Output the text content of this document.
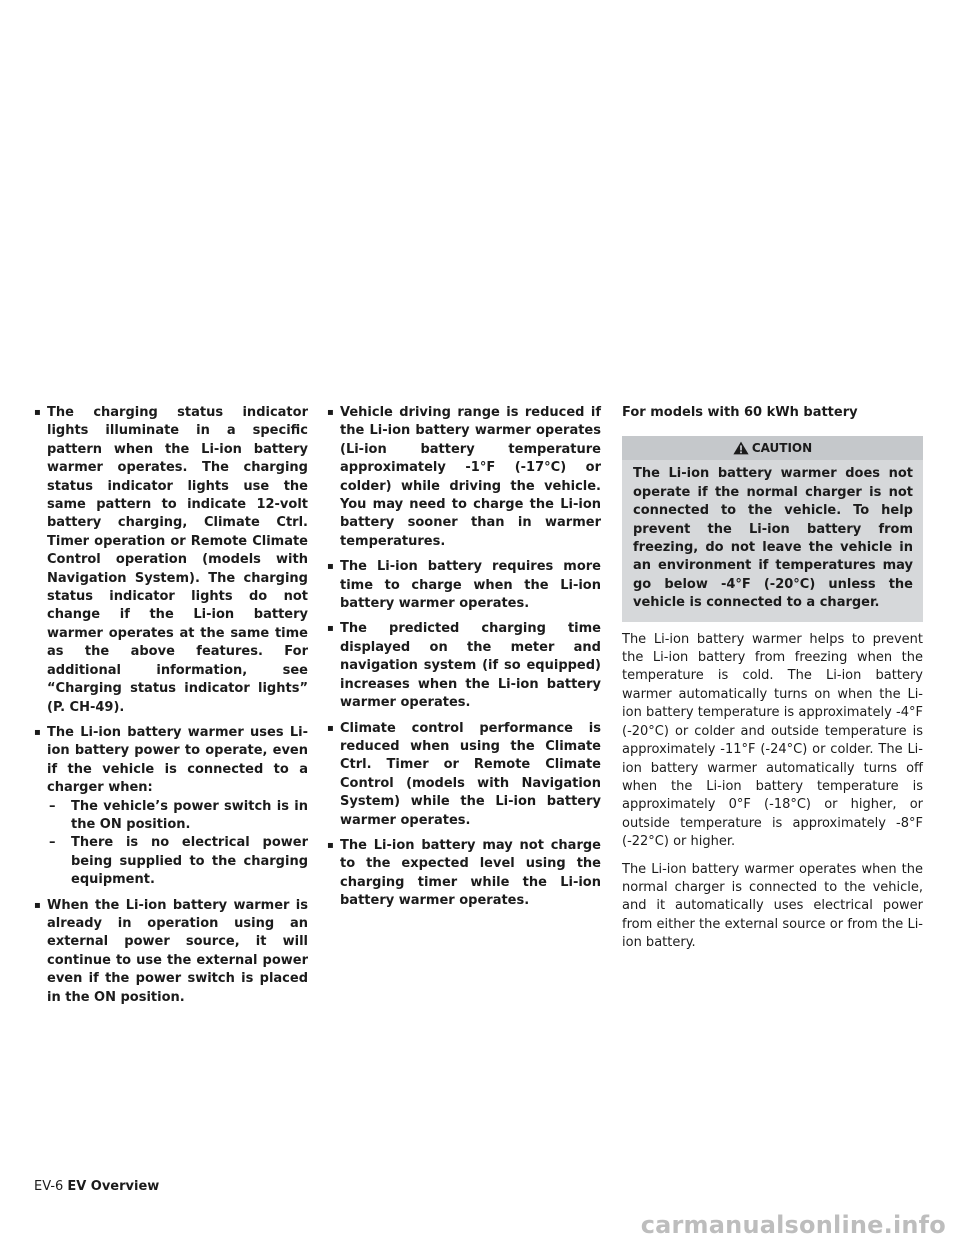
▪ The charging status indicator lights illuminate in a specific pattern when the Li-ion battery warmer operates. The charging status indicator lights use the same pattern to indicate 12-volt battery charging, Climate Ctrl. Timer operation or Remote Climate Control operation (models with Navigation System). The charging status indicator lights do not change if the Li-ion battery warmer operates at the same time as the above features. For additional information, see “Charging status indicator lights” (P. CH-49).
▪ The Li-ion battery warmer uses Li-ion battery power to operate, even if the vehicle is connected to a charger when:
– The vehicle’s power switch is in the ON position.
– There is no electrical power being supplied to the charging equipment.
▪ When the Li-ion battery warmer is already in operation using an external power source, it will continue to use the external power even if the power switch is placed in the ON position.
▪ Vehicle driving range is reduced if the Li-ion battery warmer operates (Li-ion battery temperature approximately -1°F (-17°C) or colder) while driving the vehicle. You may need to charge the Li-ion battery sooner than in warmer temperatures.
▪ The Li-ion battery requires more time to charge when the Li-ion battery warmer operates.
▪ The predicted charging time displayed on the meter and navigation system (if so equipped) increases when the Li-ion battery warmer operates.
▪ Climate control performance is reduced when using the Climate Ctrl. Timer or Remote Climate Control (models with Navigation System) while the Li-ion battery warmer operates.
▪ The Li-ion battery may not charge to the expected level using the charging timer while the Li-ion battery warmer operates.
For models with 60 kWh battery
CAUTION
The Li-ion battery warmer does not operate if the normal charger is not connected to the vehicle. To help prevent the Li-ion battery from freezing, do not leave the vehicle in an environment if temperatures may go below -4°F (-20°C) unless the vehicle is connected to a charger.

The Li-ion battery warmer helps to prevent the Li-ion battery from freezing when the temperature is cold. The Li-ion battery warmer automatically turns on when the Li-ion battery temperature is approximately -4°F (-20°C) or colder and outside temperature is approximately -11°F (-24°C) or colder. The Li-ion battery warmer automatically turns off when the Li-ion battery temperature is approximately 0°F (-18°C) or higher, or outside temperature is approximately -8°F (-22°C) or higher.

The Li-ion battery warmer operates when the normal charger is connected to the vehicle, and it automatically uses electrical power from either the external source or from the Li-ion battery.

EV-6 EV Overview
carmanualsonline.info
